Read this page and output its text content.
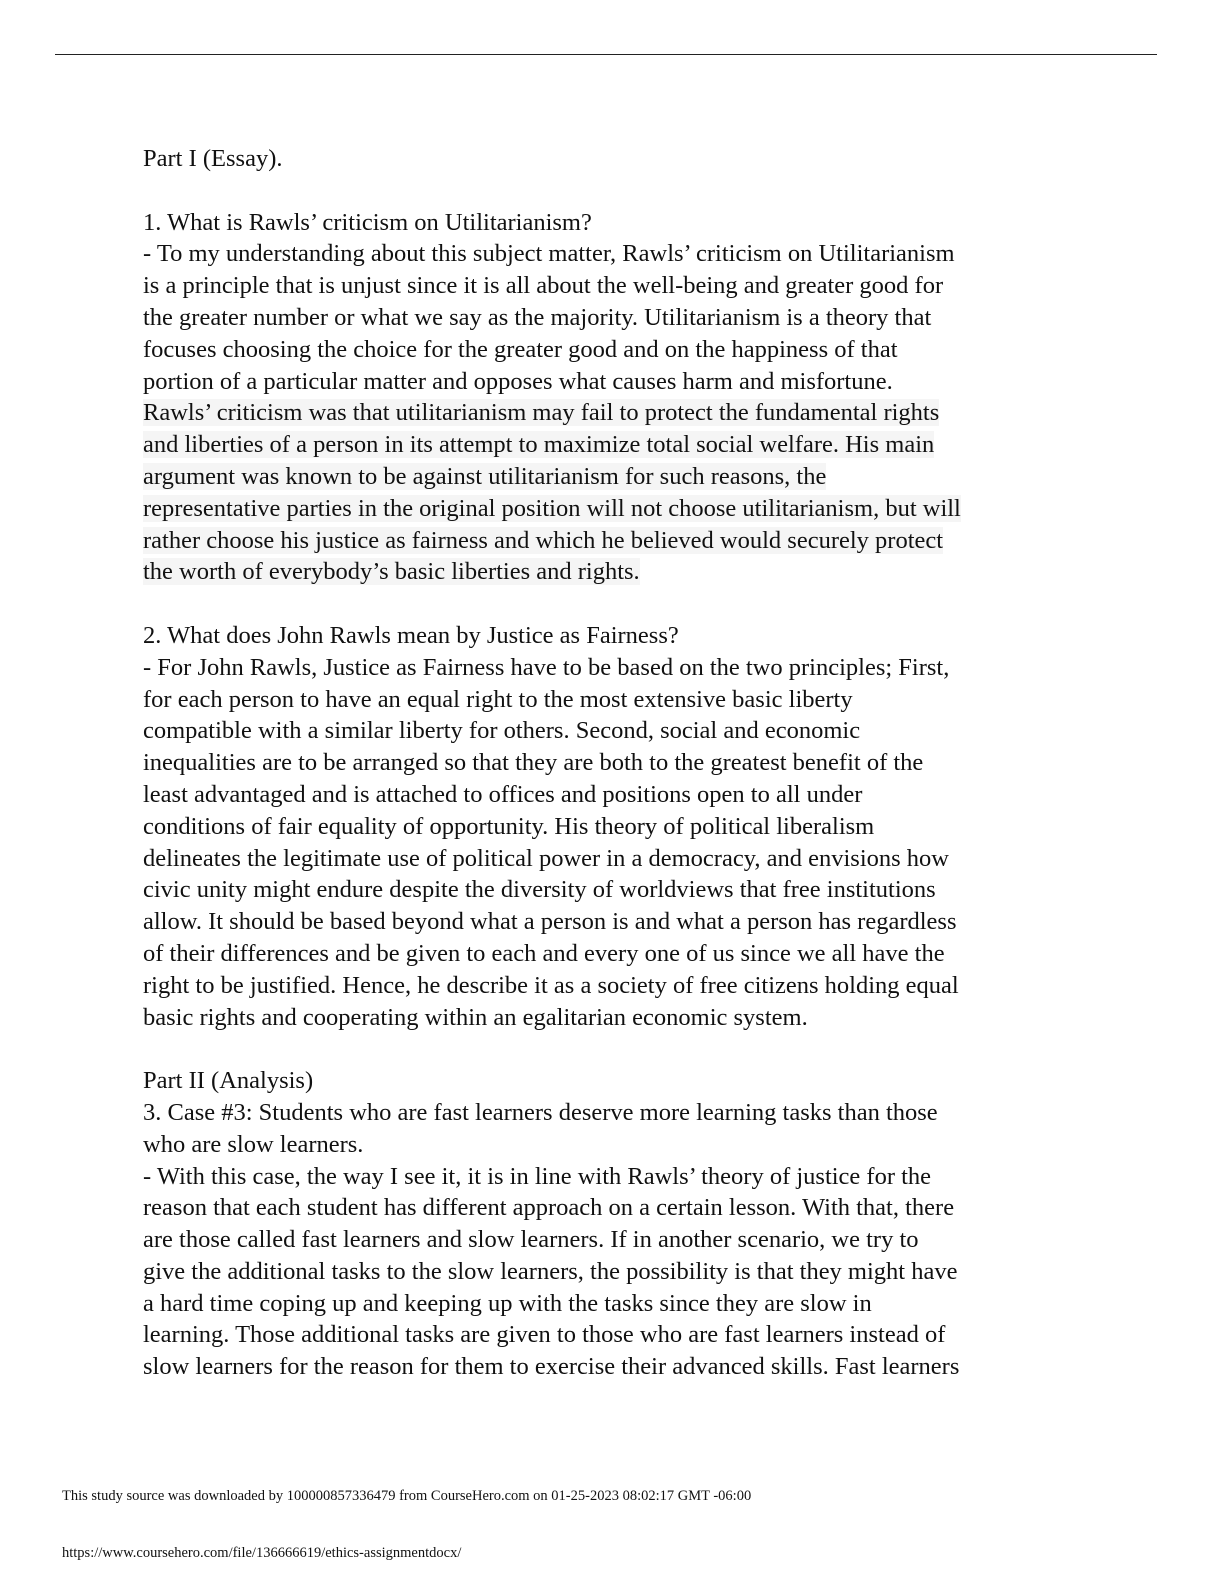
Part I (Essay).
1. What is Rawls’ criticism on Utilitarianism?
- To my understanding about this subject matter, Rawls’ criticism on Utilitarianism
is a principle that is unjust since it is all about the well-being and greater good for
the greater number or what we say as the majority. Utilitarianism is a theory that
focuses choosing the choice for the greater good and on the happiness of that
portion of a particular matter and opposes what causes harm and misfortune.
Rawls’ criticism was that utilitarianism may fail to protect the fundamental rights
and liberties of a person in its attempt to maximize total social welfare. His main
argument was known to be against utilitarianism for such reasons, the
representative parties in the original position will not choose utilitarianism, but will
rather choose his justice as fairness and which he believed would securely protect
the worth of everybody’s basic liberties and rights.
2. What does John Rawls mean by Justice as Fairness?
- For John Rawls, Justice as Fairness have to be based on the two principles; First,
for each person to have an equal right to the most extensive basic liberty
compatible with a similar liberty for others. Second, social and economic
inequalities are to be arranged so that they are both to the greatest benefit of the
least advantaged and is attached to offices and positions open to all under
conditions of fair equality of opportunity. His theory of political liberalism
delineates the legitimate use of political power in a democracy, and envisions how
civic unity might endure despite the diversity of worldviews that free institutions
allow. It should be based beyond what a person is and what a person has regardless
of their differences and be given to each and every one of us since we all have the
right to be justified. Hence, he describe it as a society of free citizens holding equal
basic rights and cooperating within an egalitarian economic system.
Part II (Analysis)
3. Case #3: Students who are fast learners deserve more learning tasks than those
who are slow learners.
- With this case, the way I see it, it is in line with Rawls’ theory of justice for the
reason that each student has different approach on a certain lesson. With that, there
are those called fast learners and slow learners. If in another scenario, we try to
give the additional tasks to the slow learners, the possibility is that they might have
a hard time coping up and keeping up with the tasks since they are slow in
learning. Those additional tasks are given to those who are fast learners instead of
slow learners for the reason for them to exercise their advanced skills. Fast learners
This study source was downloaded by 100000857336479 from CourseHero.com on 01-25-2023 08:02:17 GMT -06:00
https://www.coursehero.com/file/136666619/ethics-assignmentdocx/
